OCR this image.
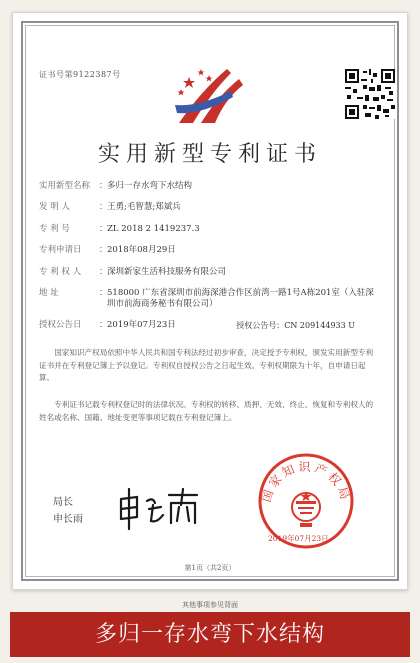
证书号第9122387号
实用新型专利证书
实用新型名称	： 多归一存水弯下水结构
发 明 人	： 王勇;毛智慧;郑斌兵
专 利 号	： ZL 2018 2 1419237.3
专利申请日	： 2018年08月29日
专 利 权 人	： 深圳新家生活科技服务有限公司
地 址	： 518000 广东省深圳市前海深港合作区前湾一路1号A栋201室（入驻深圳市前海商务秘书有限公司）
授权公告日	： 2019年07月23日	授权公告号：CN 209144933 U
国家知识产权局依照中华人民共和国专利法经过初步审查，决定授予专利权，颁发实用新型专利证书并在专利登记簿上予以登记。专利权自授权公告之日起生效。专利权期限为十年，自申请日起算。
专利证书记载专利权登记时的法律状况。专利权的转移、质押、无效、终止、恢复和专利权人的姓名或名称、国籍、地址变更等事项记载在专利登记簿上。
局长
申长雨
国家知识产权局
2019年07月23日
第1页（共2页）
其他事项参见背面
多归一存水弯下水结构
